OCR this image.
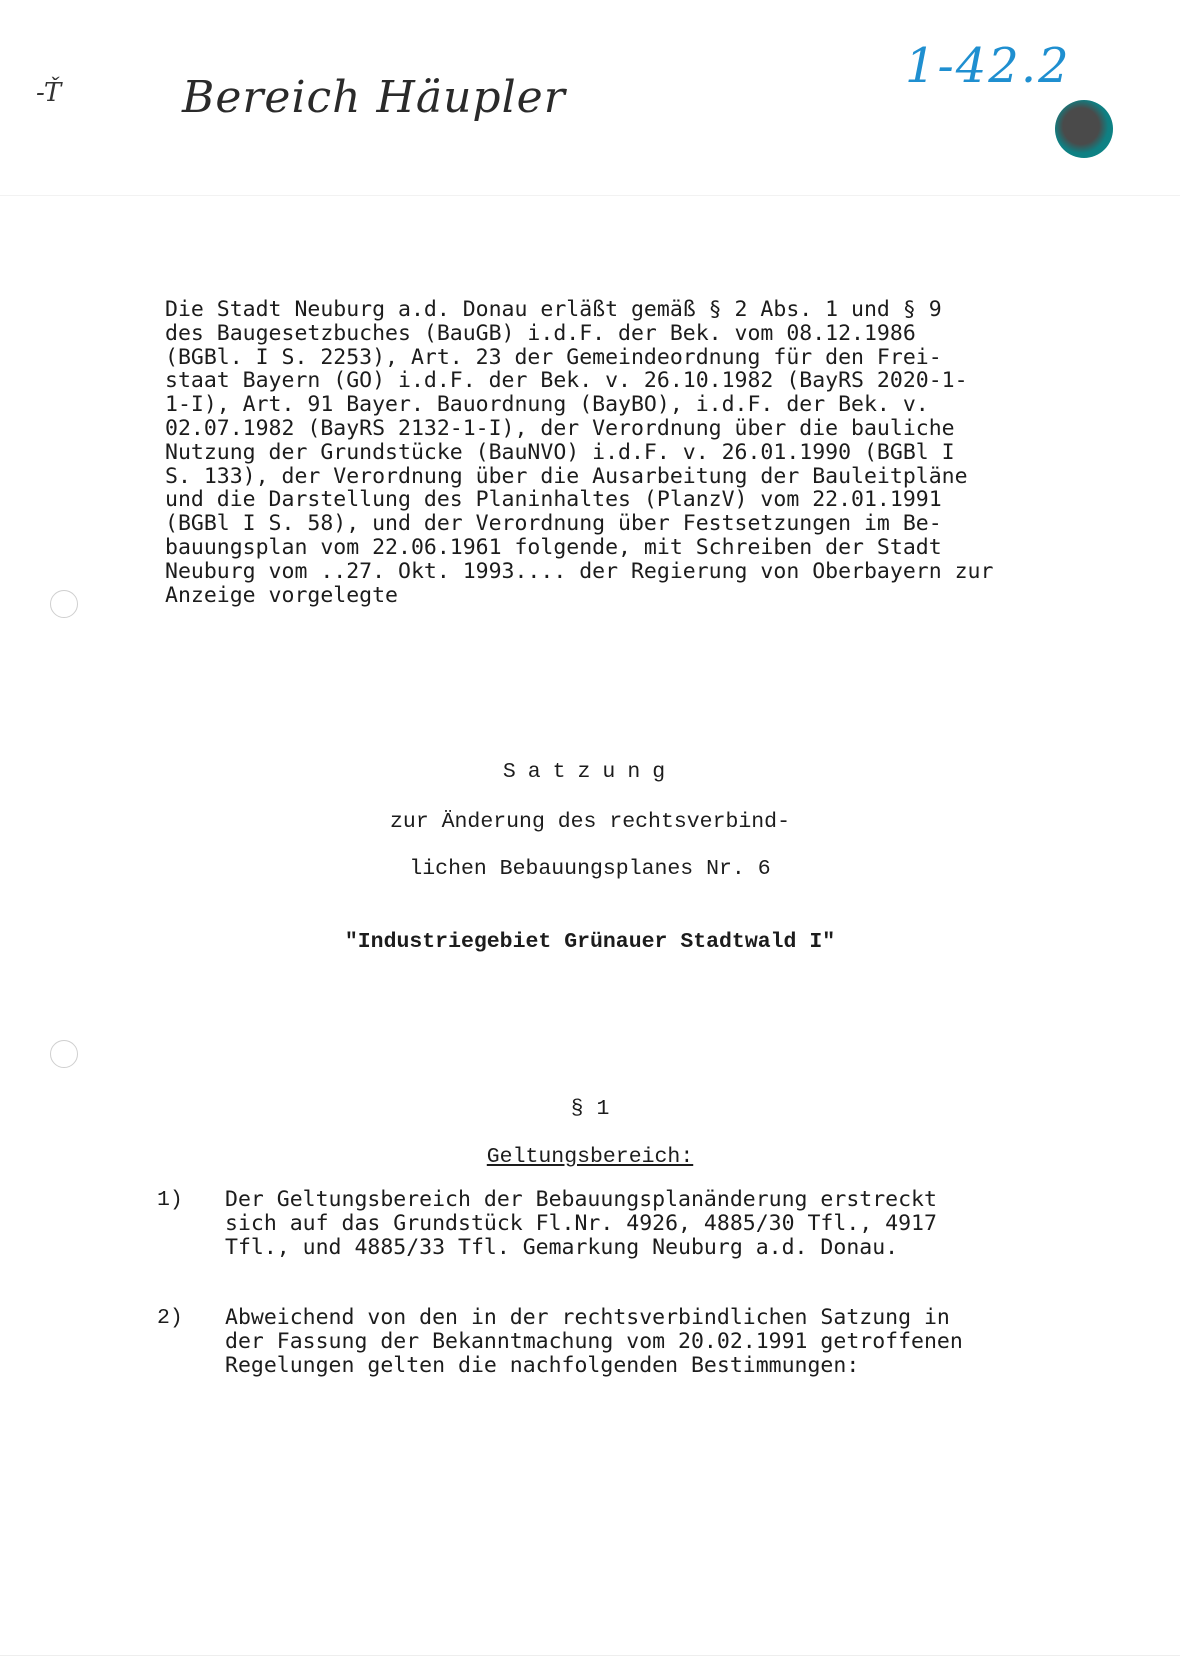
-Ť	Bereich Häupler
1-42.2
Die Stadt Neuburg a.d. Donau erläßt gemäß § 2 Abs. 1 und § 9
des Baugesetzbuches (BauGB) i.d.F. der Bek. vom 08.12.1986
(BGBl. I S. 2253), Art. 23 der Gemeindeordnung für den Frei-
staat Bayern (GO) i.d.F. der Bek. v. 26.10.1982 (BayRS 2020-1-
1-I), Art. 91 Bayer. Bauordnung (BayBO), i.d.F. der Bek. v.
02.07.1982 (BayRS 2132-1-I), der Verordnung über die bauliche
Nutzung der Grundstücke (BauNVO) i.d.F. v. 26.01.1990 (BGBl I
S. 133), der Verordnung über die Ausarbeitung der Bauleitpläne
und die Darstellung des Planinhaltes (PlanzV) vom 22.01.1991
(BGBl I S. 58), und der Verordnung über Festsetzungen im Be-
bauungsplan vom 22.06.1961 folgende, mit Schreiben der Stadt
Neuburg vom ..27. Okt. 1993.... der Regierung von Oberbayern zur
Anzeige vorgelegte
Satzung
zur Änderung des rechtsverbind-
lichen Bebauungsplanes Nr. 6
"Industriegebiet Grünauer Stadtwald I"
§ 1
Geltungsbereich:
1) Der Geltungsbereich der Bebauungsplanänderung erstreckt
sich auf das Grundstück Fl.Nr. 4926, 4885/30 Tfl., 4917
Tfl., und 4885/33 Tfl. Gemarkung Neuburg a.d. Donau.
2) Abweichend von den in der rechtsverbindlichen Satzung in
der Fassung der Bekanntmachung vom 20.02.1991 getroffenen
Regelungen gelten die nachfolgenden Bestimmungen:
